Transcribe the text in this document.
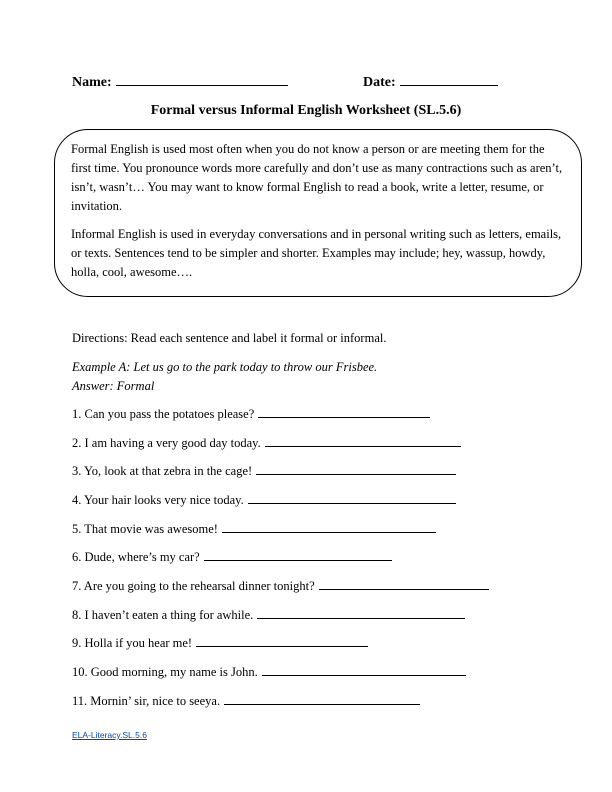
Name:	Date:
Formal versus Informal English Worksheet (SL.5.6)

Formal English is used most often when you do not know a person or are meeting them for the first time. You pronounce words more carefully and don’t use as many contractions such as aren’t, isn’t, wasn’t… You may want to know formal English to read a book, write a letter, resume, or invitation.

Informal English is used in everyday conversations and in personal writing such as letters, emails, or texts. Sentences tend to be simpler and shorter. Examples may include; hey, wassup, howdy, holla, cool, awesome….

Directions: Read each sentence and label it formal or informal.
Example A: Let us go to the park today to throw our Frisbee.
Answer: Formal
1. Can you pass the potatoes please?
2. I am having a very good day today.
3. Yo, look at that zebra in the cage!
4. Your hair looks very nice today.
5. That movie was awesome!
6. Dude, where’s my car?
7. Are you going to the rehearsal dinner tonight?
8. I haven’t eaten a thing for awhile.
9. Holla if you hear me!
10. Good morning, my name is John.
11. Mornin’ sir, nice to seeya.
ELA-Literacy.SL.5.6
